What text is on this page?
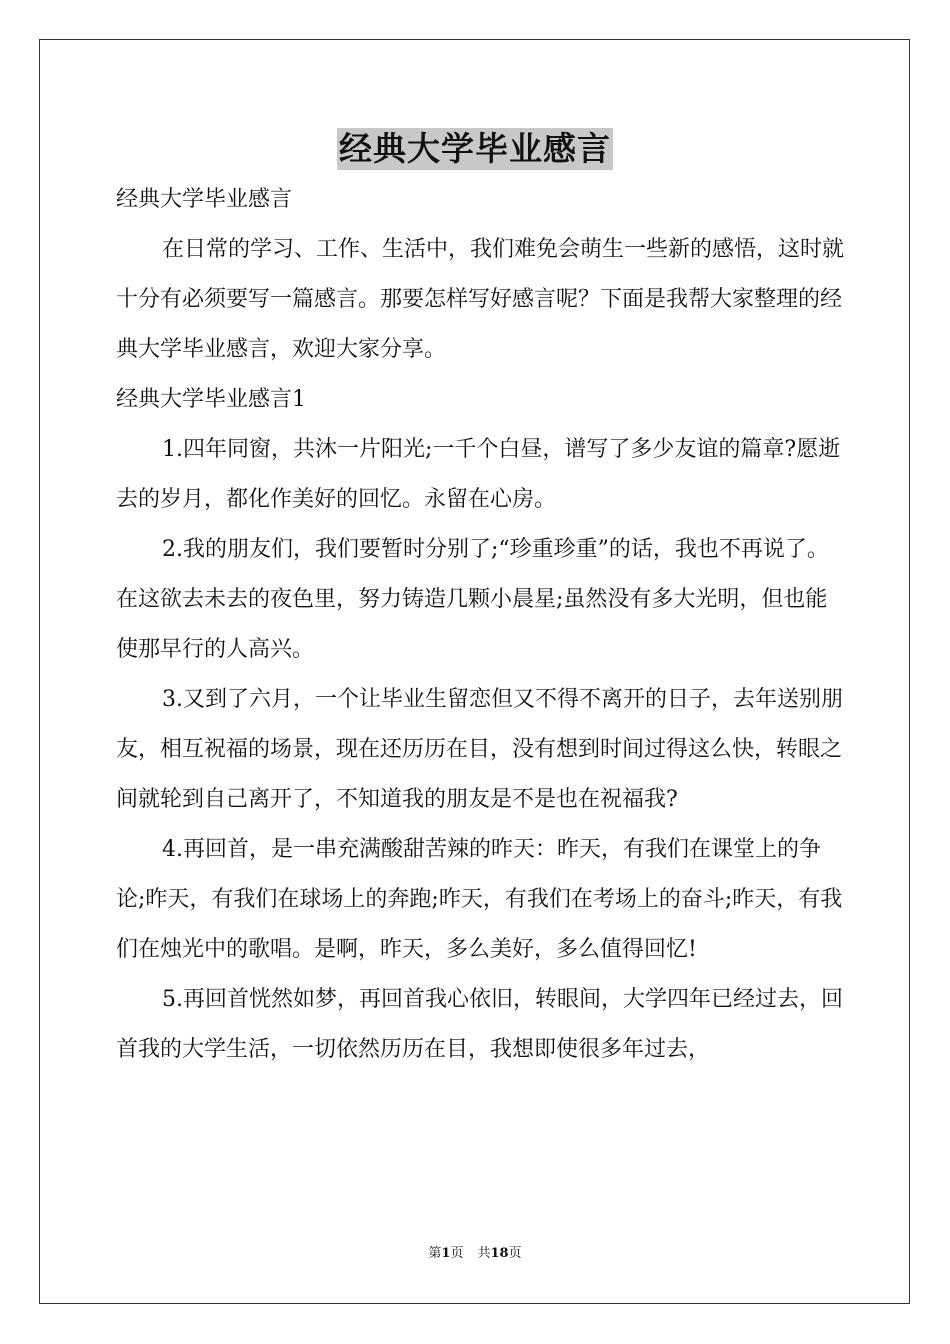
经典大学毕业感言

经典大学毕业感言

在日常的学习、工作、生活中，我们难免会萌生一些新的感悟，这时就十分有必须要写一篇感言。那要怎样写好感言呢？下面是我帮大家整理的经典大学毕业感言，欢迎大家分享。

经典大学毕业感言1

1.四年同窗，共沐一片阳光;一千个白昼，谱写了多少友谊的篇章?愿逝去的岁月，都化作美好的回忆。永留在心房。

2.我的朋友们，我们要暂时分别了;“珍重珍重”的话，我也不再说了。在这欲去未去的夜色里，努力铸造几颗小晨星;虽然没有多大光明，但也能使那早行的人高兴。

3.又到了六月，一个让毕业生留恋但又不得不离开的日子，去年送别朋友，相互祝福的场景，现在还历历在目，没有想到时间过得这么快，转眼之间就轮到自己离开了，不知道我的朋友是不是也在祝福我?

4.再回首，是一串充满酸甜苦辣的昨天：昨天，有我们在课堂上的争论;昨天，有我们在球场上的奔跑;昨天，有我们在考场上的奋斗;昨天，有我们在烛光中的歌唱。是啊，昨天，多么美好，多么值得回忆!

5.再回首恍然如梦，再回首我心依旧，转眼间，大学四年已经过去，回首我的大学生活，一切依然历历在目，我想即使很多年过去，

第1页 共18页
